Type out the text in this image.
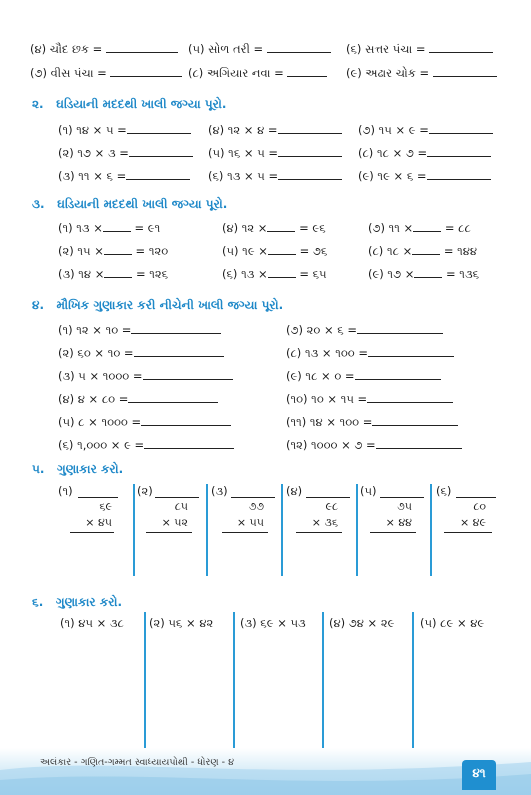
(૪) ચૌદ છક =	(૫) સોળ તરી =	(૬) સત્તર પંચા =
(૭) વીસ પંચા =	(૮) અગિયાર નવા =	(૯) અઢાર ચોક =
૨. ઘડિયાની મદદથી ખાલી જગ્યા પૂરો.
(૧) ૧૪ × ૫ =	(૪) ૧૨ × ૪ =	(૭) ૧૫ × ૯ =
(૨) ૧૭ × ૩ =	(૫) ૧૬ × ૫ =	(૮) ૧૮ × ૭ =
(૩) ૧૧ × ૬ =	(૬) ૧૩ × ૫ =	(૯) ૧૯ × ૬ =
૩. ઘડિયાની મદદથી ખાલી જગ્યા પૂરો.
(૧) ૧૩ ×	= ૯૧	(૪) ૧૨ ×	= ૯૬	(૭) ૧૧ ×	= ૮૮
(૨) ૧૫ ×	= ૧૨૦	(૫) ૧૯ ×	= ૭૬	(૮) ૧૮ ×	= ૧૪૪
(૩) ૧૪ ×	= ૧૨૬	(૬) ૧૩ ×	= ૬૫	(૯) ૧૭ ×	= ૧૩૬
૪. મૌખિક ગુણાકાર કરી નીચેની ખાલી જગ્યા પૂરો.
(૧) ૧૨ × ૧૦ =
(૨) ૬૦ × ૧૦ =
(૩) ૫ × ૧૦૦૦ =
(૪) ૪ × ૮૦ =
(૫) ૮ × ૧૦૦૦ =
(૬) ૧,૦૦૦ × ૯ =
(૭) ૨૦ × ૬ =
(૮) ૧૩ × ૧૦૦ =
(૯) ૧૮ × ૦ =
(૧૦) ૧૦ × ૧૫ =
(૧૧) ૧૪ × ૧૦૦ =
(૧૨) ૧૦૦૦ × ૭ =
૫. ગુણાકાર કરો.
(૧)
૬૯
× ૪૫
(૨)
૮૫
× ૫૨
(૩)
૭૭
× ૫૫
(૪)
૯૮
× ૩૬
(૫)
૭૫
× ૪૪
(૬)
૮૦
× ૪૯
૬. ગુણાકાર કરો.
(૧) ૪૫ × ૩૮ (૨) ૫૬ × ૪૨ (૩) ૬૯ × ૫૩ (૪) ૭૪ × ૨૯ (૫) ૮૯ × ૪૯
અલંકાર - ગણિત-ગમ્મત સ્વાધ્યાયપોથી - ધોરણ - ૪
૪૧
